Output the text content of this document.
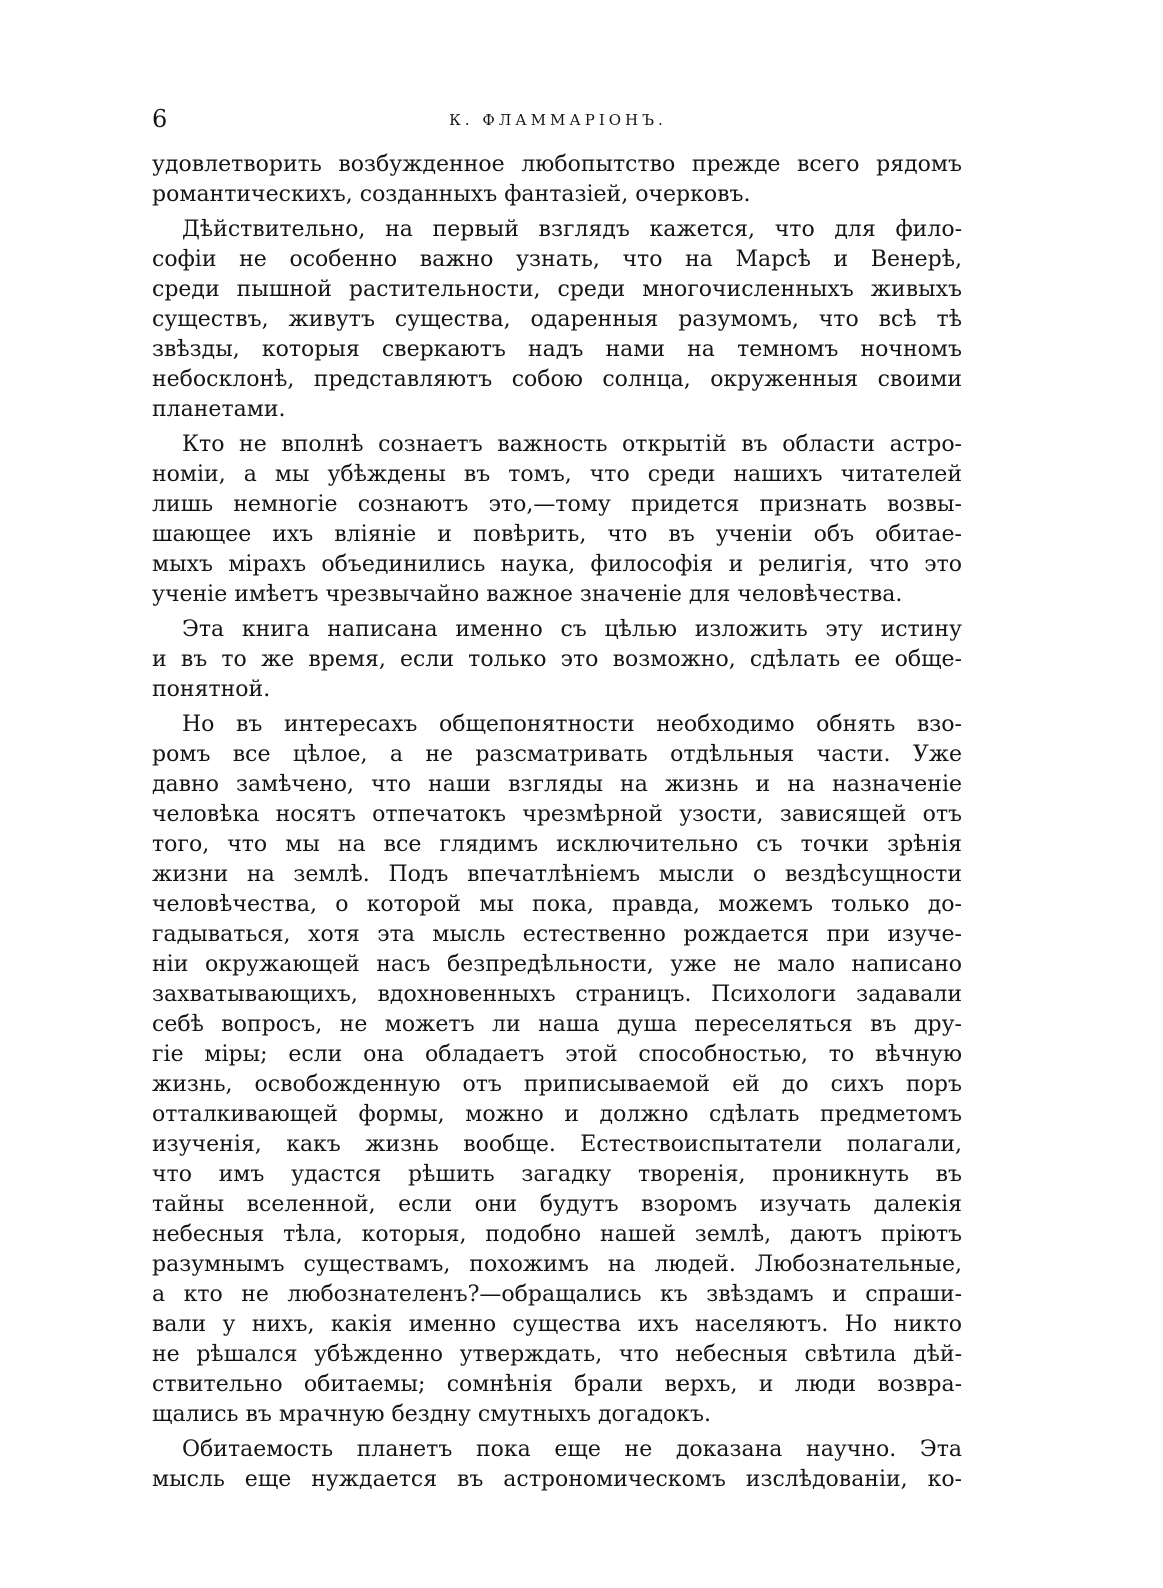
6	К. ФЛАММАРІОНЪ.
удовлетворить возбужденное любопытство прежде всего рядомъ
романтическихъ, созданныхъ фантазіей, очерковъ.
Дѣйствительно, на первый взглядъ кажется, что для фило-
софіи не особенно важно узнать, что на Марсѣ и Венерѣ,
среди пышной растительности, среди многочисленныхъ живыхъ
существъ, живутъ существа, одаренныя разумомъ, что всѣ тѣ
звѣзды, которыя сверкаютъ надъ нами на темномъ ночномъ
небосклонѣ, представляютъ собою солнца, окруженныя своими
планетами.
Кто не вполнѣ сознаетъ важность открытій въ области астро-
номіи, а мы убѣждены въ томъ, что среди нашихъ читателей
лишь немногіе сознаютъ это,—тому придется признать возвы-
шающее ихъ вліяніе и повѣрить, что въ ученіи объ обитае-
мыхъ мірахъ объединились наука, философія и религія, что это
ученіе имѣетъ чрезвычайно важное значеніе для человѣчества.
Эта книга написана именно съ цѣлью изложить эту истину
и въ то же время, если только это возможно, сдѣлать ее общe-
понятной.
Но въ интересахъ общепонятности необходимо обнять взо-
ромъ все цѣлое, а не разсматривать отдѣльныя части. Уже
давно замѣчено, что наши взгляды на жизнь и на назначеніе
человѣка носятъ отпечатокъ чрезмѣрной узости, зависящей отъ
того, что мы на все глядимъ исключительно съ точки зрѣнія
жизни на землѣ. Подъ впечатлѣніемъ мысли о вездѣсущности
человѣчества, о которой мы пока, правда, можемъ только до-
гадываться, хотя эта мысль естественно рождается при изуче-
ніи окружающей насъ безпредѣльности, уже не мало написано
захватывающихъ, вдохновенныхъ страницъ. Психологи задавали
себѣ вопросъ, не можетъ ли наша душа переселяться въ дру-
гіе міры; если она обладаетъ этой способностью, то вѣчную
жизнь, освобожденную отъ приписываемой ей до сихъ поръ
отталкивающей формы, можно и должно сдѣлать предметомъ
изученія, какъ жизнь вообще. Естествоиспытатели полагали,
что имъ удастся рѣшить загадку творенія, проникнуть въ
тайны вселенной, если они будутъ взоромъ изучать далекія
небесныя тѣла, которыя, подобно нашей землѣ, даютъ пріютъ
разумнымъ существамъ, похожимъ на людей. Любознательные,
а кто не любознателенъ?—обращались къ звѣздамъ и спраши-
вали у нихъ, какія именно существа ихъ населяютъ. Но никто
не рѣшался убѣжденно утверждать, что небесныя свѣтила дѣй-
ствительно обитаемы; сомнѣнія брали верхъ, и люди возвра-
щались въ мрачную бездну смутныхъ догадокъ.
Обитаемость планетъ пока еще не доказана научно. Эта
мысль еще нуждается въ астрономическомъ изслѣдованіи, ко-
